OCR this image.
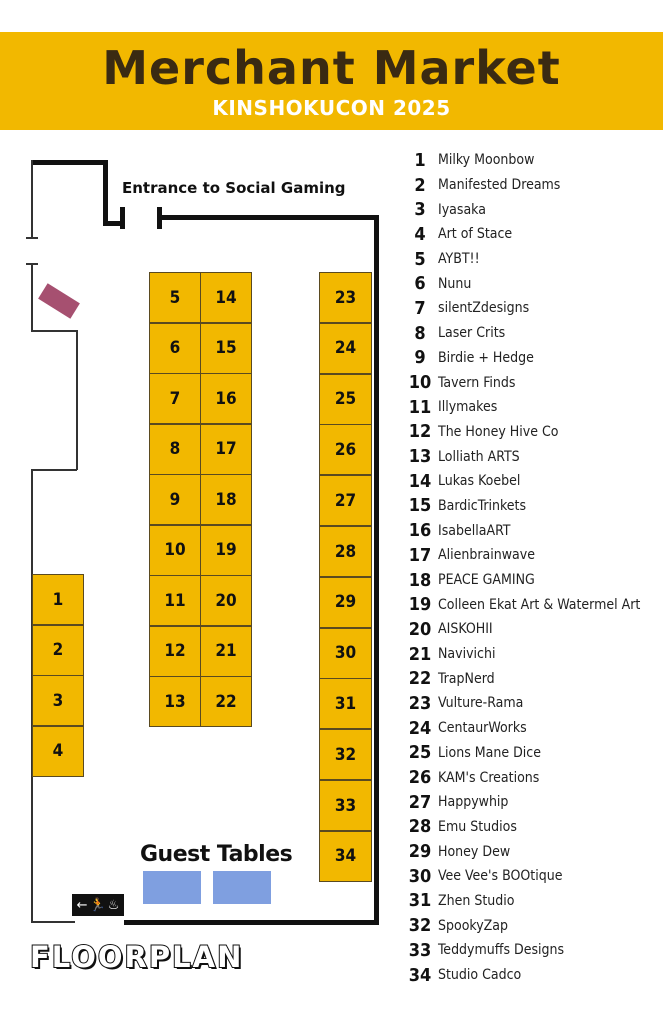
Merchant Market
KINSHOKUCON 2025
Entrance to Social Gaming
1
2
3
4
5
6
7
8
9
10
11
12
13
14
15
16
17
18
19
20
21
22
23
24
25
26
27
28
29
30
31
32
33
34
Guest Tables
← 🏃 ♨
FLOORPLAN
1 Milky Moonbow
2 Manifested Dreams
3 Iyasaka
4 Art of Stace
5 AYBT!!
6 Nunu
7 silentZdesigns
8 Laser Crits
9 Birdie + Hedge
10 Tavern Finds
11 Illymakes
12 The Honey Hive Co
13 Lolliath ARTS
14 Lukas Koebel
15 BardicTrinkets
16 IsabellaART
17 Alienbrainwave
18 PEACE GAMING
19 Colleen Ekat Art & Watermel Art
20 AISKOHII
21 Navivichi
22 TrapNerd
23 Vulture-Rama
24 CentaurWorks
25 Lions Mane Dice
26 KAM's Creations
27 Happywhip
28 Emu Studios
29 Honey Dew
30 Vee Vee's BOOtique
31 Zhen Studio
32 SpookyZap
33 Teddymuffs Designs
34 Studio Cadco
